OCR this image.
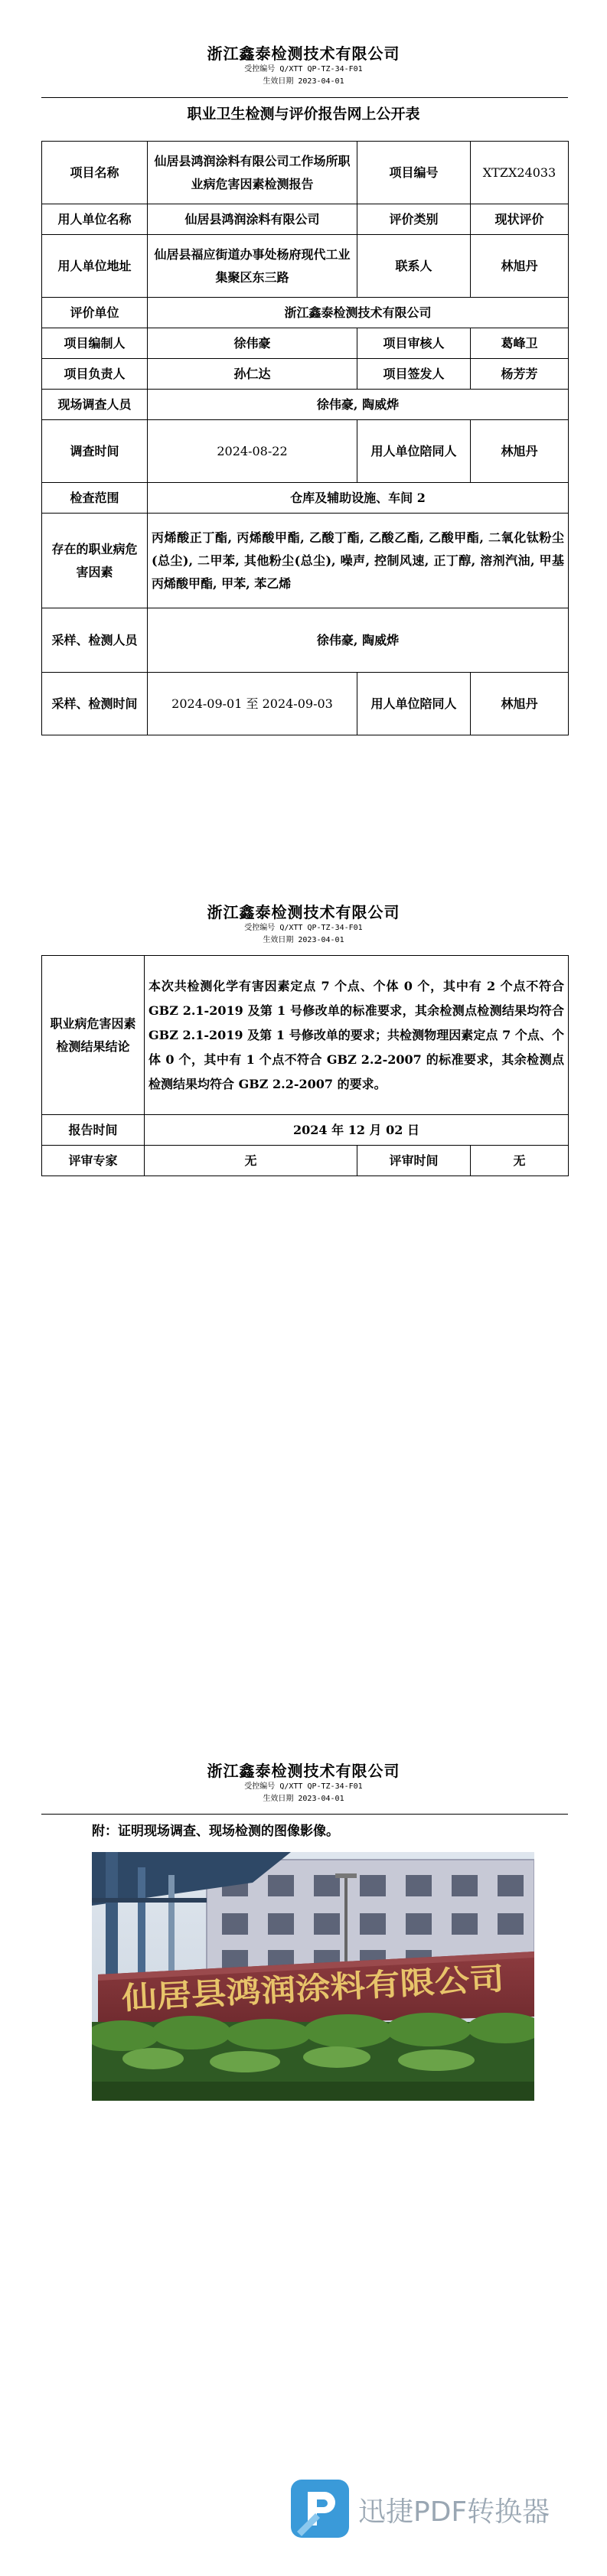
浙江鑫泰检测技术有限公司
受控编号 Q/XTT QP-TZ-34-F01
生效日期 2023-04-01
职业卫生检测与评价报告网上公开表
项目名称	仙居县鸿润涂料有限公司工作场所职业病危害因素检测报告	项目编号	XTZX24033
用人单位名称	仙居县鸿润涂料有限公司	评价类别	现状评价
用人单位地址	仙居县福应街道办事处杨府现代工业集聚区东三路	联系人	林旭丹
评价单位	浙江鑫泰检测技术有限公司		
项目编制人	徐伟豪	项目审核人	葛峰卫
项目负责人	孙仁达	项目签发人	杨芳芳
现场调查人员	徐伟豪, 陶威烨		
调查时间	2024-08-22	用人单位陪同人	林旭丹
检查范围	仓库及辅助设施、车间 2		
存在的职业病危害因素	丙烯酸正丁酯, 丙烯酸甲酯, 乙酸丁酯, 乙酸乙酯, 乙酸甲酯, 二氧化钛粉尘(总尘), 二甲苯, 其他粉尘(总尘), 噪声, 控制风速, 正丁醇, 溶剂汽油, 甲基丙烯酸甲酯, 甲苯, 苯乙烯		
采样、检测人员	徐伟豪, 陶威烨		
采样、检测时间	2024-09-01 至 2024-09-03	用人单位陪同人	林旭丹
浙江鑫泰检测技术有限公司
受控编号 Q/XTT QP-TZ-34-F01
生效日期 2023-04-01
职业病危害因素检测结果结论	本次共检测化学有害因素定点 7 个点、个体 0 个，其中有 2 个点不符合 GBZ 2.1-2019 及第 1 号修改单的标准要求，其余检测点检测结果均符合 GBZ 2.1-2019 及第 1 号修改单的要求；共检测物理因素定点 7 个点、个体 0 个，其中有 1 个点不符合 GBZ 2.2-2007 的标准要求，其余检测点检测结果均符合 GBZ 2.2-2007 的要求。		
报告时间	2024 年 12 月 02 日		
评审专家	无	评审时间	无
浙江鑫泰检测技术有限公司
受控编号 Q/XTT QP-TZ-34-F01
生效日期 2023-04-01
附：证明现场调查、现场检测的图像影像。
仙居县鸿润涂料有限公司
迅捷PDF转换器
